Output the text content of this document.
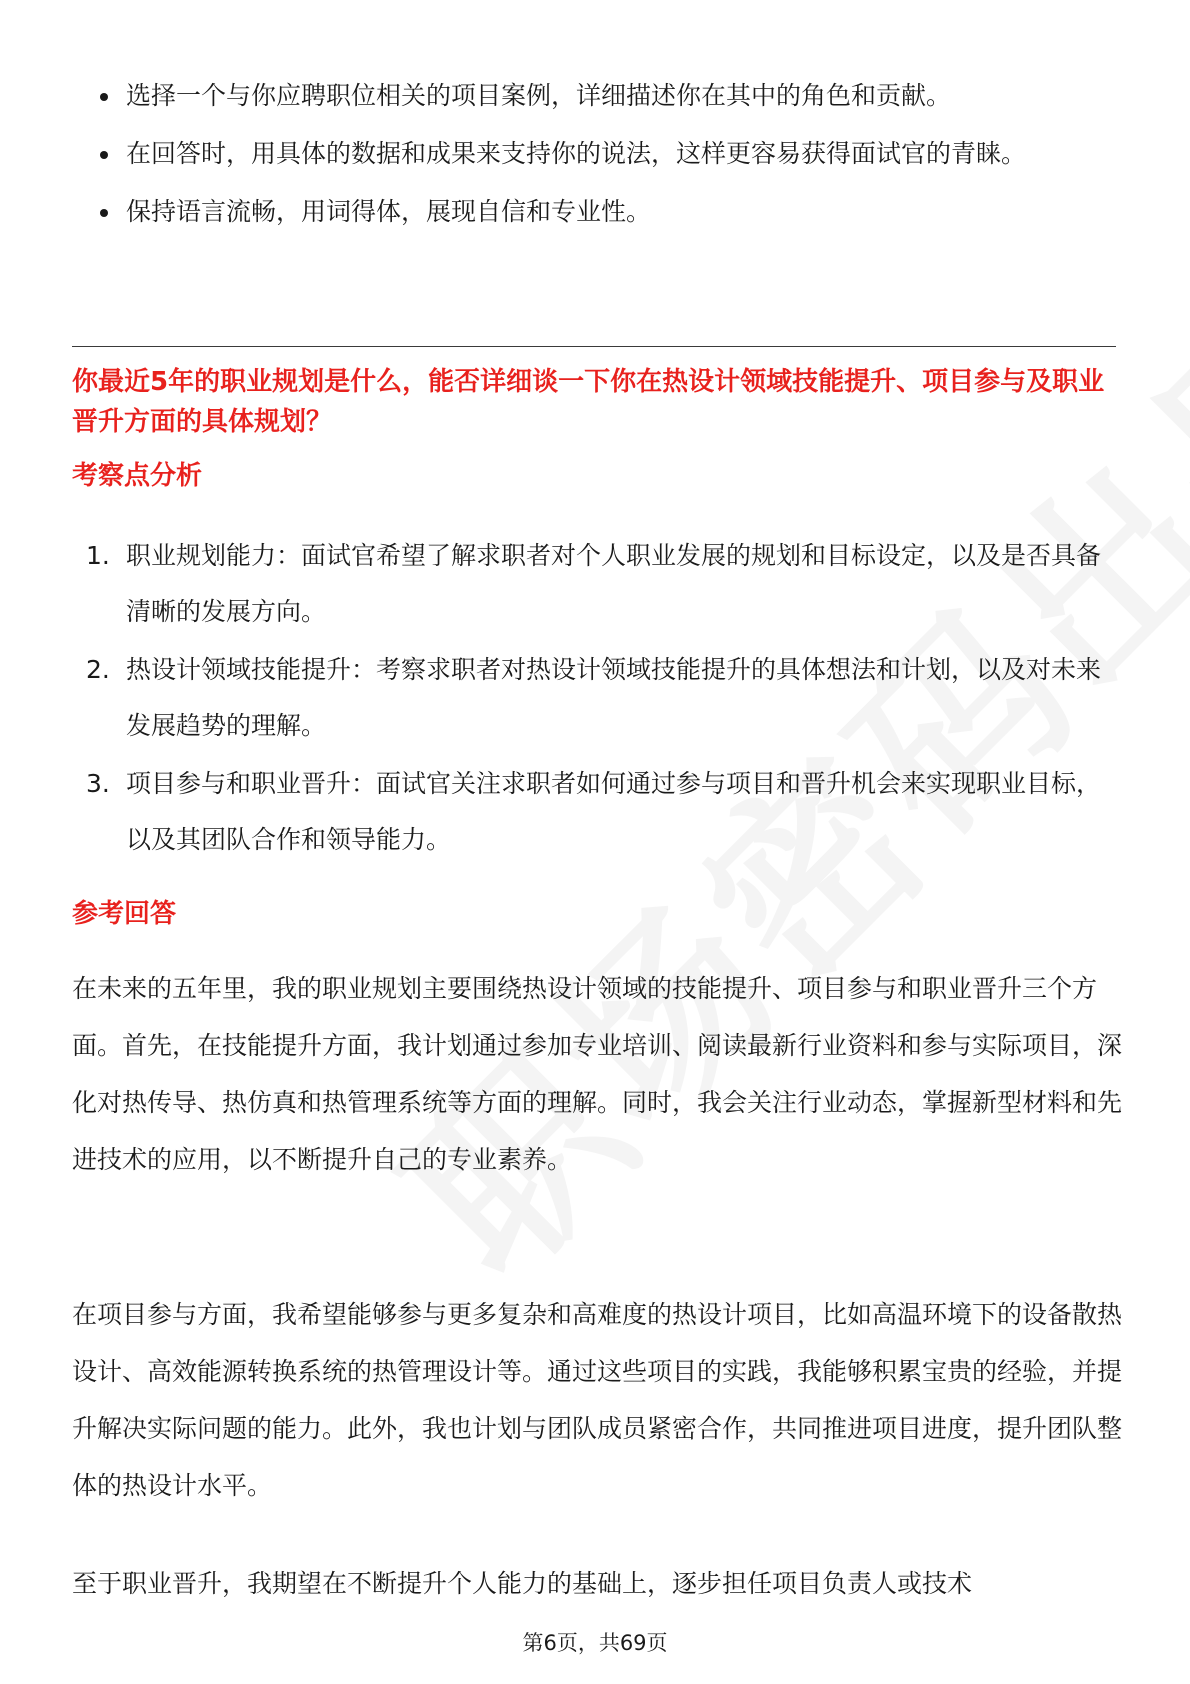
选择一个与你应聘职位相关的项目案例，详细描述你在其中的角色和贡献。
在回答时，用具体的数据和成果来支持你的说法，这样更容易获得面试官的青睐。
保持语言流畅，用词得体，展现自信和专业性。
你最近5年的职业规划是什么，能否详细谈一下你在热设计领域技能提升、项目参与及职业晋升方面的具体规划？
考察点分析
1. 职业规划能力：面试官希望了解求职者对个人职业发展的规划和目标设定，以及是否具备清晰的发展方向。
2. 热设计领域技能提升：考察求职者对热设计领域技能提升的具体想法和计划，以及对未来发展趋势的理解。
3. 项目参与和职业晋升：面试官关注求职者如何通过参与项目和晋升机会来实现职业目标，以及其团队合作和领导能力。
参考回答

在未来的五年里，我的职业规划主要围绕热设计领域的技能提升、项目参与和职业晋升三个方面。首先，在技能提升方面，我计划通过参加专业培训、阅读最新行业资料和参与实际项目，深化对热传导、热仿真和热管理系统等方面的理解。同时，我会关注行业动态，掌握新型材料和先进技术的应用，以不断提升自己的专业素养。

在项目参与方面，我希望能够参与更多复杂和高难度的热设计项目，比如高温环境下的设备散热设计、高效能源转换系统的热管理设计等。通过这些项目的实践，我能够积累宝贵的经验，并提升解决实际问题的能力。此外，我也计划与团队成员紧密合作，共同推进项目进度，提升团队整体的热设计水平。

至于职业晋升，我期望在不断提升个人能力的基础上，逐步担任项目负责人或技术

第6页，共69页
